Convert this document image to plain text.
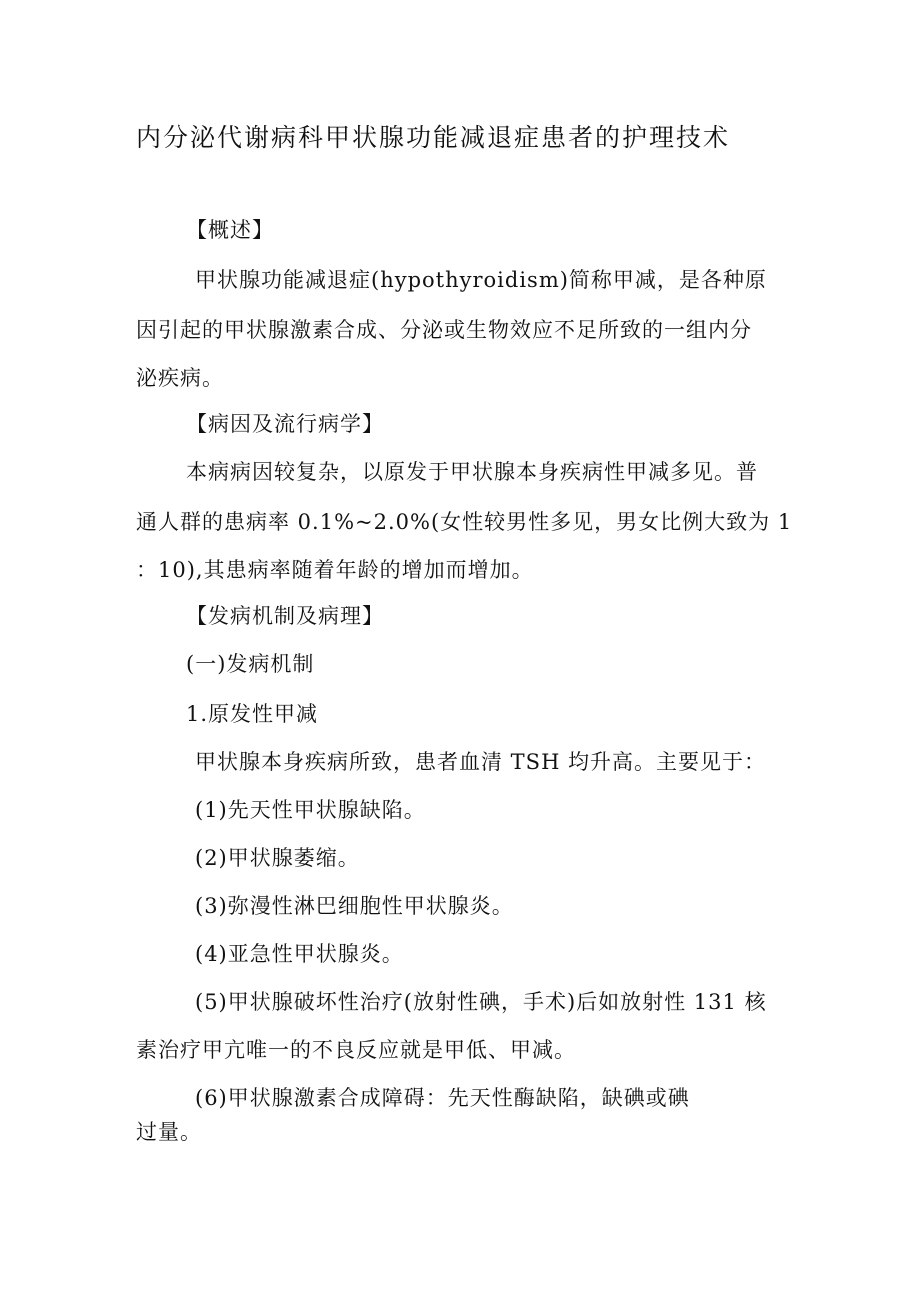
内分泌代谢病科甲状腺功能减退症患者的护理技术
【概述】
甲状腺功能减退症(hypothyroidism)简称甲减，是各种原
因引起的甲状腺激素合成、分泌或生物效应不足所致的一组内分
泌疾病。
【病因及流行病学】
本病病因较复杂，以原发于甲状腺本身疾病性甲减多见。普
通人群的患病率 0.1%~2.0%(女性较男性多见，男女比例大致为 1
：10),其患病率随着年龄的增加而增加。
【发病机制及病理】
(一)发病机制
1.原发性甲减
甲状腺本身疾病所致，患者血清 TSH 均升高。主要见于：
(1)先天性甲状腺缺陷。
(2)甲状腺萎缩。
(3)弥漫性淋巴细胞性甲状腺炎。
(4)亚急性甲状腺炎。
(5)甲状腺破坏性治疗(放射性碘，手术)后如放射性 131 核
素治疗甲亢唯一的不良反应就是甲低、甲减。
(6)甲状腺激素合成障碍：先天性酶缺陷，缺碘或碘
过量。
